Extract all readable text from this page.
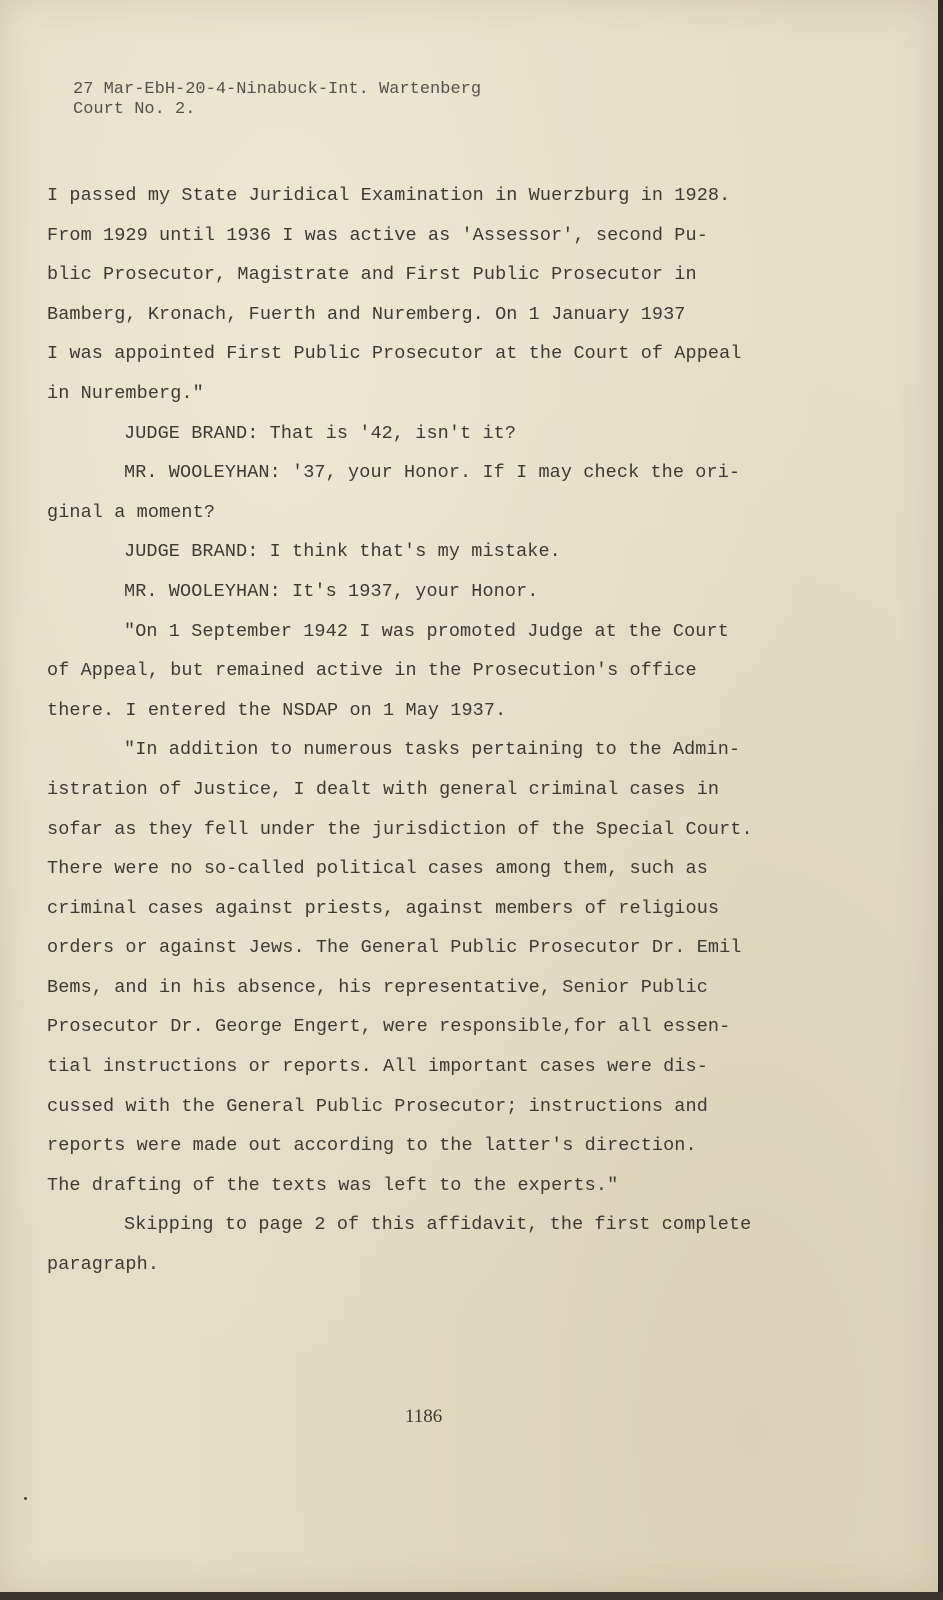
27 Mar-EbH-20-4-Ninabuck-Int. Wartenberg
Court No. 2.
I passed my State Juridical Examination in Wuerzburg in 1928.
From 1929 until 1936 I was active as 'Assessor', second Pu-
blic Prosecutor, Magistrate and First Public Prosecutor in
Bamberg, Kronach, Fuerth and Nuremberg. On 1 January 1937
I was appointed First Public Prosecutor at the Court of Appeal
in Nuremberg."
JUDGE BRAND: That is '42, isn't it?
MR. WOOLEYHAN: '37, your Honor. If I may check the ori-
ginal a moment?
JUDGE BRAND: I think that's my mistake.
MR. WOOLEYHAN: It's 1937, your Honor.
"On 1 September 1942 I was promoted Judge at the Court
of Appeal, but remained active in the Prosecution's office
there. I entered the NSDAP on 1 May 1937.
"In addition to numerous tasks pertaining to the Admin-
istration of Justice, I dealt with general criminal cases in
sofar as they fell under the jurisdiction of the Special Court.
There were no so-called political cases among them, such as
criminal cases against priests, against members of religious
orders or against Jews. The General Public Prosecutor Dr. Emil
Bems, and in his absence, his representative, Senior Public
Prosecutor Dr. George Engert, were responsible,for all essen-
tial instructions or reports. All important cases were dis-
cussed with the General Public Prosecutor; instructions and
reports were made out according to the latter's direction.
The drafting of the texts was left to the experts."
Skipping to page 2 of this affidavit, the first complete
paragraph.
1186
